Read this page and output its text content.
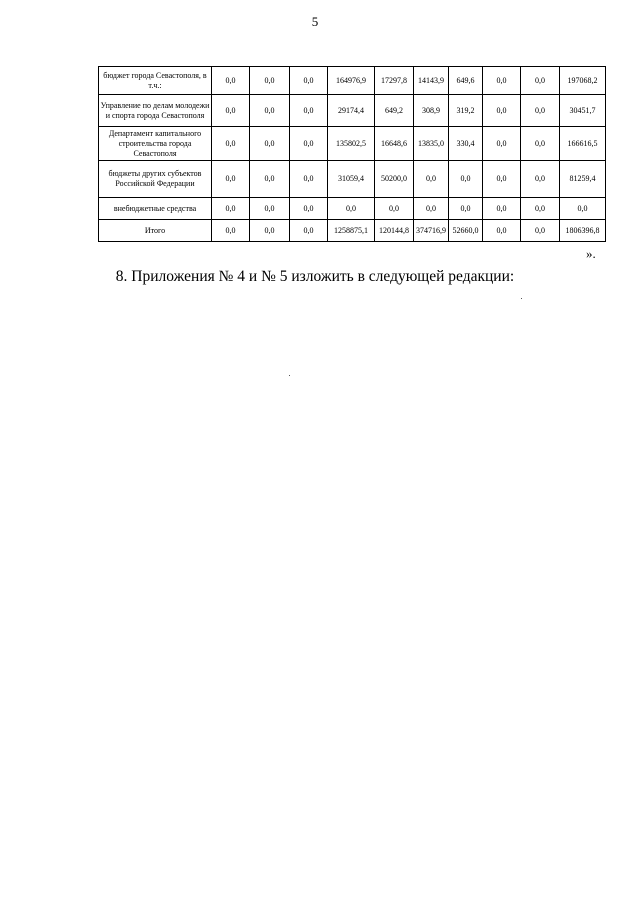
5
бюджет города Севастополя, в т.ч.:	0,0	0,0	0,0	164976,9	17297,8	14143,9	649,6	0,0	0,0	197068,2
Управление по делам молодежи и спорта города Севастополя	0,0	0,0	0,0	29174,4	649,2	308,9	319,2	0,0	0,0	30451,7
Департамент капитального строительства города Севастополя	0,0	0,0	0,0	135802,5	16648,6	13835,0	330,4	0,0	0,0	166616,5
бюджеты других субъектов Российской Федерации	0,0	0,0	0,0	31059,4	50200,0	0,0	0,0	0,0	0,0	81259,4
внебюджетные средства	0,0	0,0	0,0	0,0	0,0	0,0	0,0	0,0	0,0	0,0
Итого	0,0	0,0	0,0	1258875,1	120144,8	374716,9	52660,0	0,0	0,0	1806396,8
».
8. Приложения № 4 и № 5 изложить в следующей редакции:
